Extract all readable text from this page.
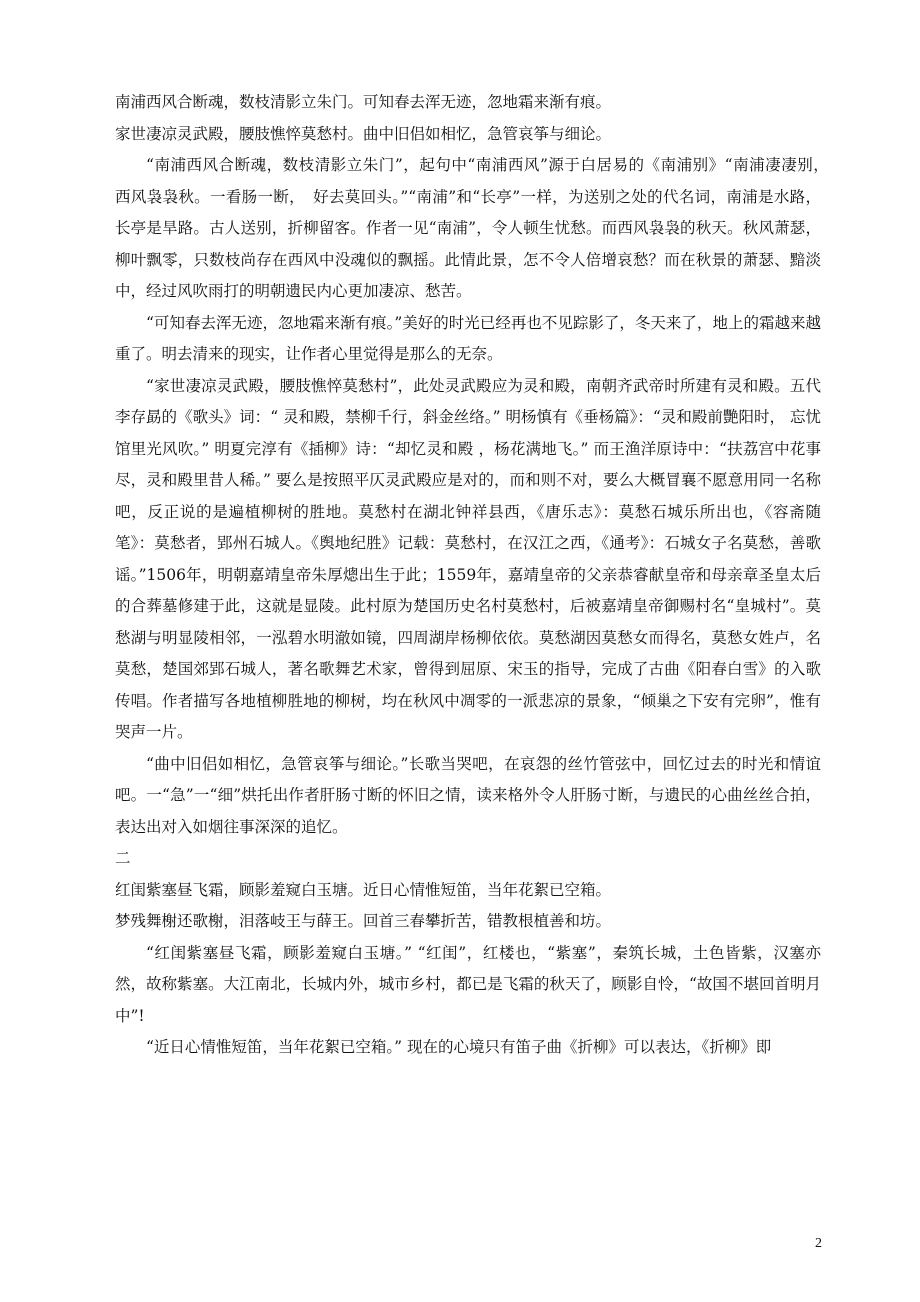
南浦西风合断魂，数枝清影立朱门。可知春去浑无迹，忽地霜来渐有痕。

家世凄凉灵武殿，腰肢憔悴莫愁村。曲中旧侣如相忆，急管哀筝与细论。

“南浦西风合断魂，数枝清影立朱门”，起句中“南浦西风”源于白居易的《南浦别》“南浦凄凄别，　西风袅袅秋。一看肠一断，　好去莫回头。”“南浦”和“长亭”一样，为送别之处的代名词，南浦是水路，长亭是旱路。古人送别，折柳留客。作者一见“南浦”，令人顿生忧愁。而西风袅袅的秋天。秋风萧瑟，柳叶飘零，只数枝尚存在西风中没魂似的飘摇。此情此景，怎不令人倍增哀愁？而在秋景的萧瑟、黯淡中，经过风吹雨打的明朝遗民内心更加凄凉、愁苦。

“可知春去浑无迹，忽地霜来渐有痕。”美好的时光已经再也不见踪影了，冬天来了，地上的霜越来越重了。明去清来的现实，让作者心里觉得是那么的无奈。

“家世凄凉灵武殿，腰肢憔悴莫愁村”，此处灵武殿应为灵和殿，南朝齐武帝时所建有灵和殿。五代李存勗的《歌头》词：“ 灵和殿，禁柳千行，斜金丝络。” 明杨慎有《垂杨篇》：“灵和殿前艷阳时， 忘忧馆里光风吹。” 明夏完淳有《插柳》诗：“却忆灵和殿 ，杨花满地飞。” 而王渔洋原诗中：“扶荔宫中花事尽，灵和殿里昔人稀。” 要么是按照平仄灵武殿应是对的，而和则不对，要么大概冒襄不愿意用同一名称吧，反正说的是遍植柳树的胜地。莫愁村在湖北钟祥县西，《唐乐志》：莫愁石城乐所出也，《容斋随笔》：莫愁者，郢州石城人。《舆地纪胜》记载：莫愁村，在汉江之西，《通考》：石城女子名莫愁，善歌谣。”1506年，明朝嘉靖皇帝朱厚熜出生于此；1559年，嘉靖皇帝的父亲恭睿献皇帝和母亲章圣皇太后的合葬墓修建于此，这就是显陵。此村原为楚国历史名村莫愁村，后被嘉靖皇帝御赐村名“皇城村”。莫愁湖与明显陵相邻，一泓碧水明澈如镜，四周湖岸杨柳依依。莫愁湖因莫愁女而得名，莫愁女姓卢，名莫愁，楚国郊郢石城人，著名歌舞艺术家，曾得到屈原、宋玉的指导，完成了古曲《阳春白雪》的入歌传唱。作者描写各地植柳胜地的柳树，均在秋风中凋零的一派悲凉的景象，“倾巢之下安有完卵”，惟有哭声一片。

“曲中旧侣如相忆，急管哀筝与细论。”长歌当哭吧，在哀怨的丝竹管弦中，回忆过去的时光和情谊吧。一“急”一“细”烘托出作者肝肠寸断的怀旧之情，读来格外令人肝肠寸断，与遗民的心曲丝丝合拍，表达出对入如烟往事深深的追忆。

二

红闺紫塞昼飞霜，顾影羞窥白玉塘。近日心情惟短笛，当年花絮已空箱。

梦残舞榭还歌榭，泪落岐王与薛王。回首三春攀折苦，错教根植善和坊。

“红闺紫塞昼飞霜，顾影羞窥白玉塘。” “红闺”，红楼也，“紫塞”，秦筑长城，土色皆紫，汉塞亦然，故称紫塞。大江南北，长城内外，城市乡村，都已是飞霜的秋天了，顾影自怜，“故国不堪回首明月中”!

“近日心情惟短笛，当年花絮已空箱。” 现在的心境只有笛子曲《折柳》可以表达，《折柳》即

2
